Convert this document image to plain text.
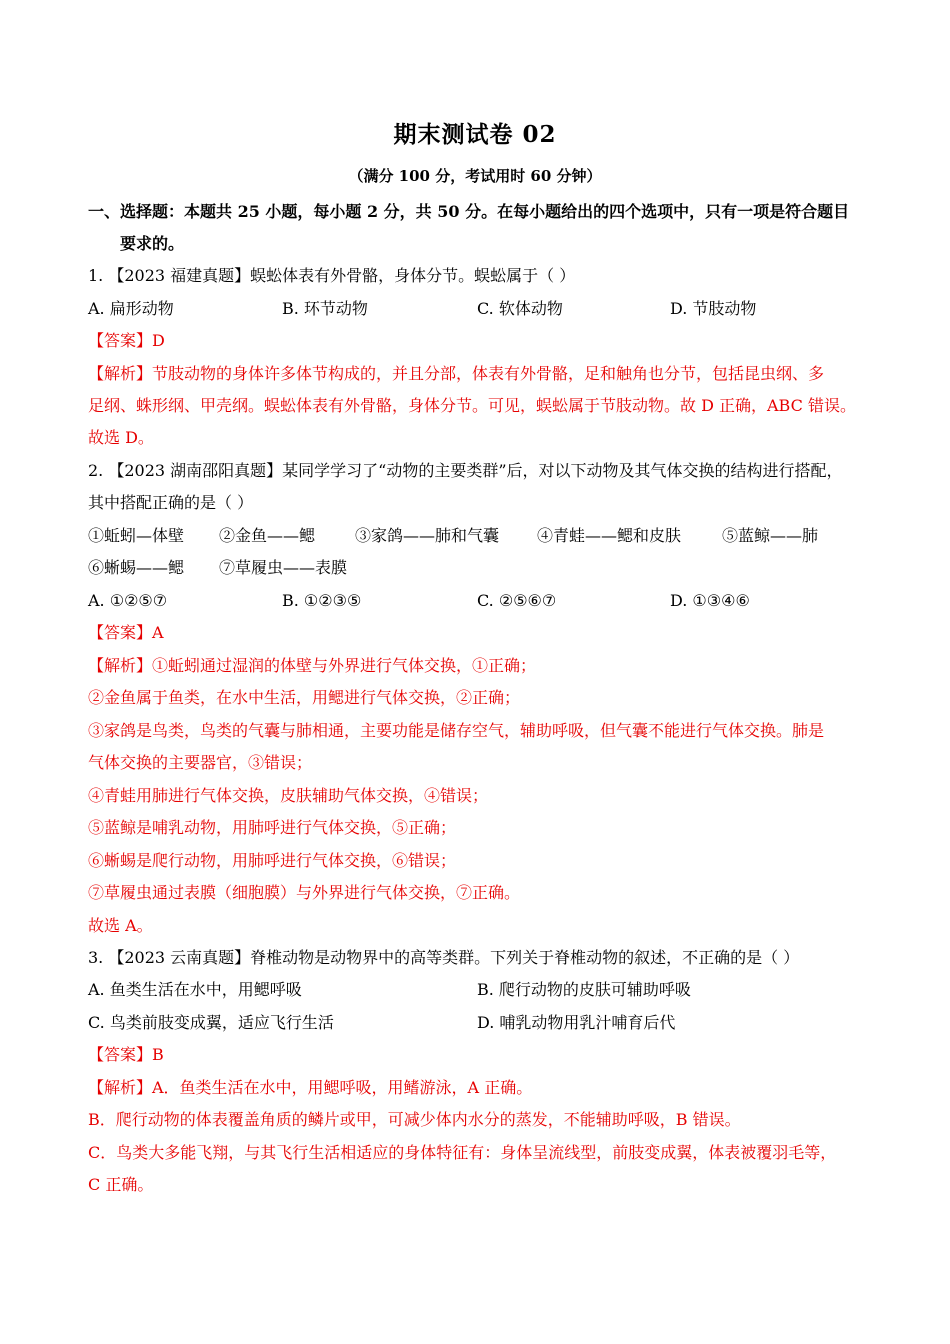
期末测试卷 02
（满分 100 分，考试用时 60 分钟）
一、选择题：本题共 25 小题，每小题 2 分，共 50 分。在每小题给出的四个选项中，只有一项是符合题目
要求的。
1. 【2023 福建真题】蜈蚣体表有外骨骼，身体分节。蜈蚣属于（ ）
A. 扁形动物	B. 环节动物	C. 软体动物	D. 节肢动物
【答案】D
【解析】节肢动物的身体许多体节构成的，并且分部，体表有外骨骼，足和触角也分节，包括昆虫纲、多
足纲、蛛形纲、甲壳纲。蜈蚣体表有外骨骼，身体分节。可见，蜈蚣属于节肢动物。故 D 正确，ABC 错误。
故选 D。
2. 【2023 湖南邵阳真题】某同学学习了“动物的主要类群”后，对以下动物及其气体交换的结构进行搭配，
其中搭配正确的是（ ）
①蚯蚓—体壁 ②金鱼——鳃 ③家鸽——肺和气囊 ④青蛙——鳃和皮肤	⑤蓝鲸——肺
⑥蜥蜴——鳃 ⑦草履虫——表膜
A. ①②⑤⑦	B. ①②③⑤	C. ②⑤⑥⑦	D. ①③④⑥
【答案】A
【解析】①蚯蚓通过湿润的体壁与外界进行气体交换，①正确；
②金鱼属于鱼类，在水中生活，用鳃进行气体交换，②正确；
③家鸽是鸟类，鸟类的气囊与肺相通，主要功能是储存空气，辅助呼吸，但气囊不能进行气体交换。肺是
气体交换的主要器官，③错误；
④青蛙用肺进行气体交换，皮肤辅助气体交换，④错误；
⑤蓝鲸是哺乳动物，用肺呼进行气体交换，⑤正确；
⑥蜥蜴是爬行动物，用肺呼进行气体交换，⑥错误；
⑦草履虫通过表膜（细胞膜）与外界进行气体交换，⑦正确。
故选 A。
3. 【2023 云南真题】脊椎动物是动物界中的高等类群。下列关于脊椎动物的叙述，不正确的是（ ）
A. 鱼类生活在水中，用鳃呼吸	B. 爬行动物的皮肤可辅助呼吸
C. 鸟类前肢变成翼，适应飞行生活	D. 哺乳动物用乳汁哺育后代
【答案】B
【解析】A．鱼类生活在水中，用鳃呼吸，用鳍游泳，A 正确。
B．爬行动物的体表覆盖角质的鳞片或甲，可减少体内水分的蒸发，不能辅助呼吸，B 错误。
C．鸟类大多能飞翔，与其飞行生活相适应的身体特征有：身体呈流线型，前肢变成翼，体表被覆羽毛等，
C 正确。
